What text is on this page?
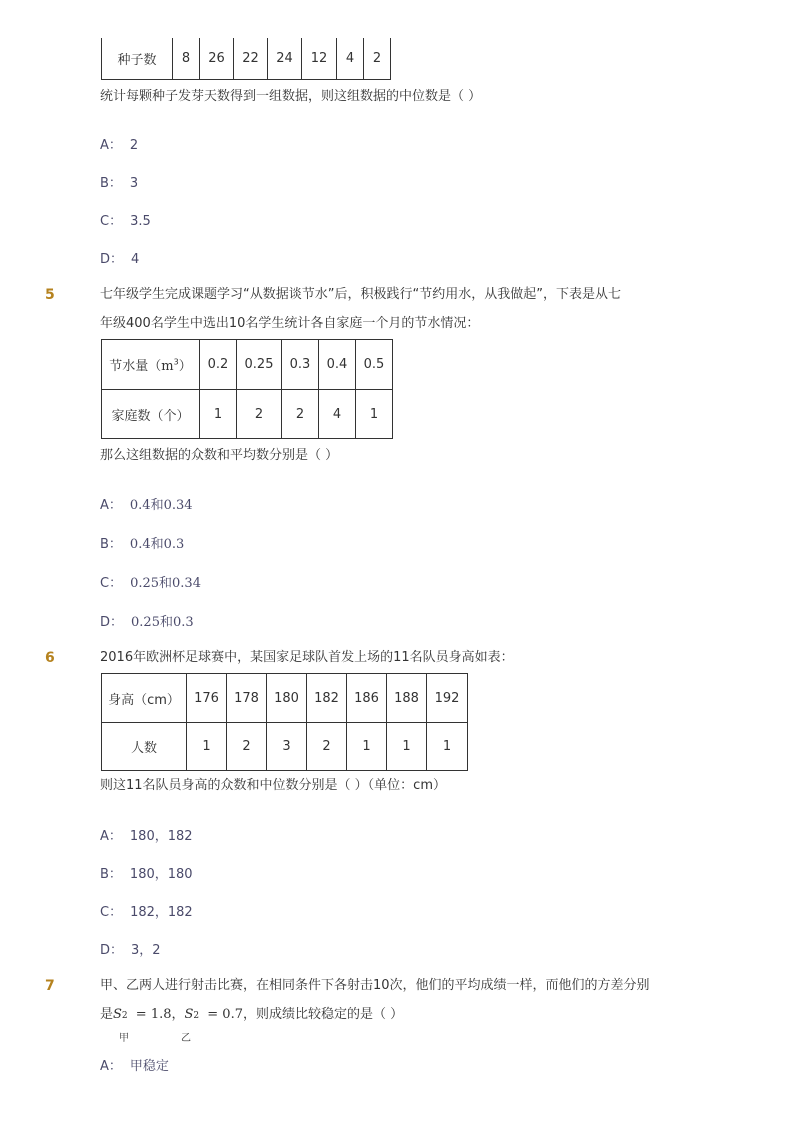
种子数	8	26	22	24	12	4	2
统计每颗种子发芽天数得到一组数据，则这组数据的中位数是（ ）
A： 2
B： 3
C： 3.5
D： 4
5	七年级学生完成课题学习“从数据谈节水”后，积极践行“节约用水，从我做起”，下表是从七
年级400名学生中选出10名学生统计各自家庭一个月的节水情况：
节水量$(m^3)$	0.2	0.25	0.3	0.4	0.5
家庭数（个）	1	2	2	4	1
那么这组数据的众数和平均数分别是（ ）
A： 0.4和0.34
B： 0.4和0.3
C： 0.25和0.34
D： 0.25和0.3
6	2016年欧洲杯足球赛中，某国家足球队首发上场的11名队员身高如表：
身高（cm）	176	178	180	182	186	188	192
人数	1	2	3	2	1	1	1
则这11名队员身高的众数和中位数分别是（ ）（单位：cm）
A： 180，182
B： 180，180
C： 182，182
D： 3，2
7	甲、乙两人进行射击比赛，在相同条件下各射击10次，他们的平均成绩一样，而他们的方差分别
是S2 = 1.8，S2 = 0.7，则成绩比较稳定的是（ ）
甲	乙
A： 甲稳定
